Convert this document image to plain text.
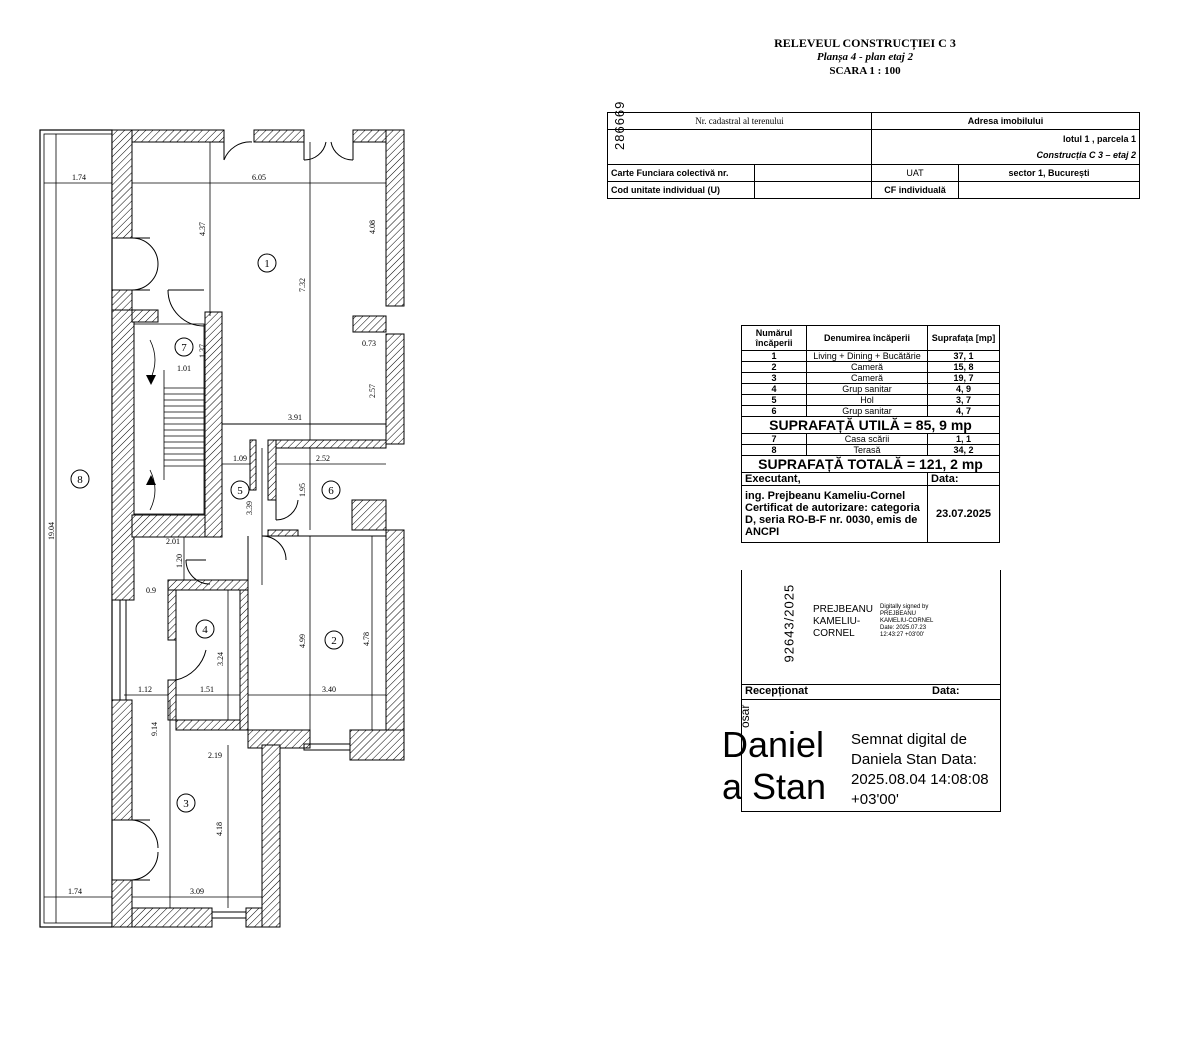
1.74	6.05
4.37	4.08
7.32
0.73
2.57
1.37
1.01
3.91
1.09	2.52
1.95
3.39
2.01
1.20
19.04
0.9
3.24
4.99	4.78
1.12	1.51	3.40
9.14
2.19
4.18
1.74	3.09
1
2
3
4
5	6
7
8
RELEVEUL CONSTRUCȚIEI C 3
Planșa 4 - plan etaj 2
SCARA 1 : 100
286669	Nr. cadastral al terenului		Adresa imobilului	

		lotul 1 , parcela 1
Construcția C 3 – etaj 2	

Carte Funciara colectivă nr.		UAT	sector 1, București
Cod unitate individual (U)		CF individuală	
Numărul încăperii	Denumirea încăperii	Suprafața [mp]
1	Living + Dining + Bucătărie	37, 1
2	Cameră	15, 8
3	Cameră	19, 7
4	Grup sanitar	4, 9
5	Hol	3, 7
6	Grup sanitar	4, 7
SUPRAFAȚĂ UTILĂ = 85, 9 mp		
7	Casa scării	1, 1
8	Terasă	34, 2
SUPRAFAȚĂ TOTALĂ = 121, 2 mp		
Executant,		Data:
ing. Prejbeanu Kameliu-Cornel Certificat de autorizare: categoria D, seria RO-B-F nr. 0030, emis de ANCPI		23.07.2025
92643/2025 PREJBEANU KAMELIU-CORNEL
Digitally signed by PREJBEANU KAMELIU-CORNEL Date: 2025.07.23 12:43:27 +03'00'
Recepționat	Data:
osar
Daniel a Stan
Semnat digital de Daniela Stan Data: 2025.08.04 14:08:08 +03'00'
